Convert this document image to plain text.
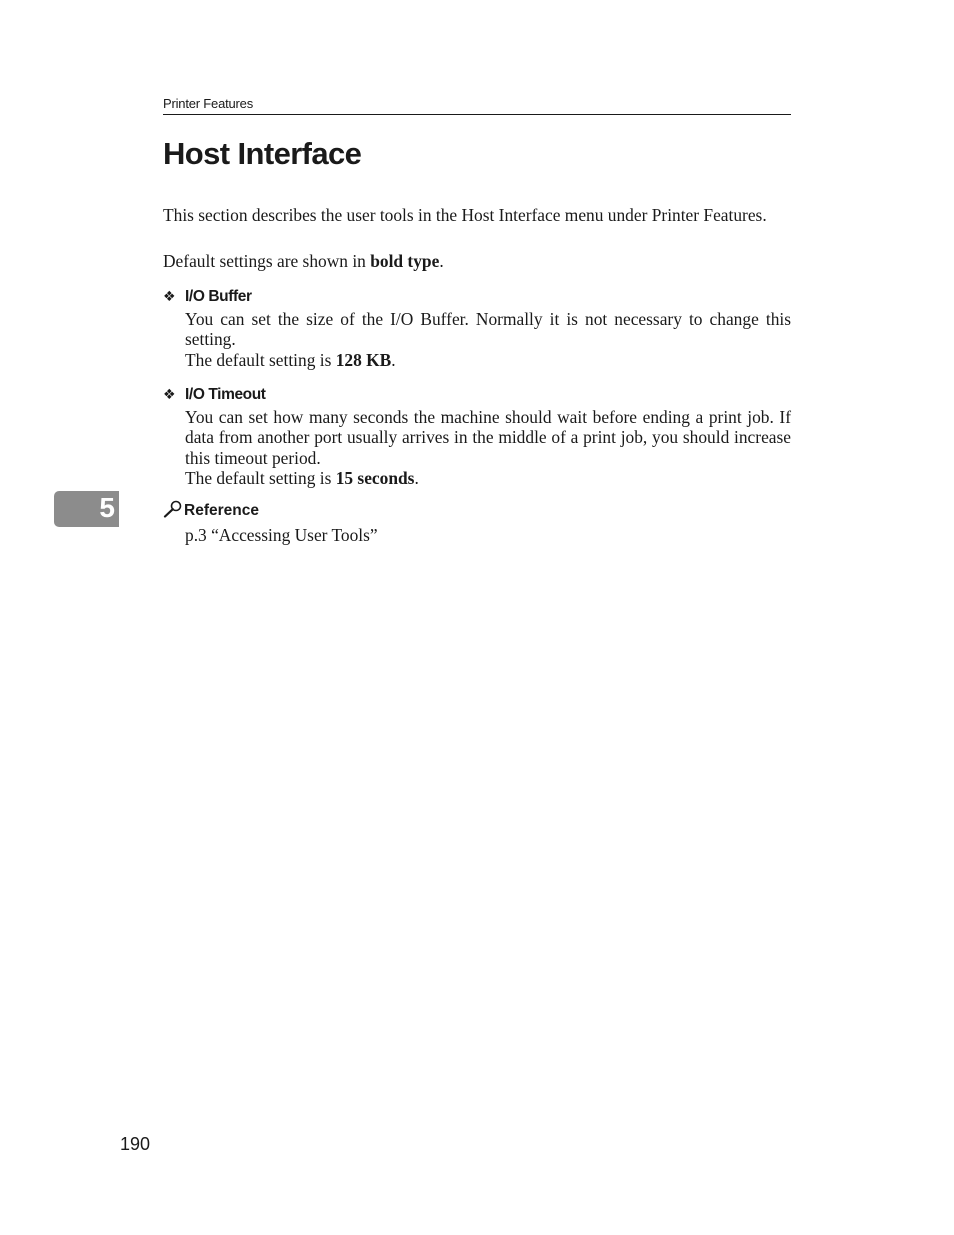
Printer Features
Host Interface

This section describes the user tools in the Host Interface menu under Printer Features.

Default settings are shown in bold type.

❖ I/O Buffer
You can set the size of the I/O Buffer. Normally it is not necessary to change this setting.
The default setting is 128 KB.
❖ I/O Timeout
You can set how many seconds the machine should wait before ending a print job. If data from another port usually arrives in the middle of a print job, you should increase this timeout period.
The default setting is 15 seconds.
5	Reference

p.3 “Accessing User Tools”

190
